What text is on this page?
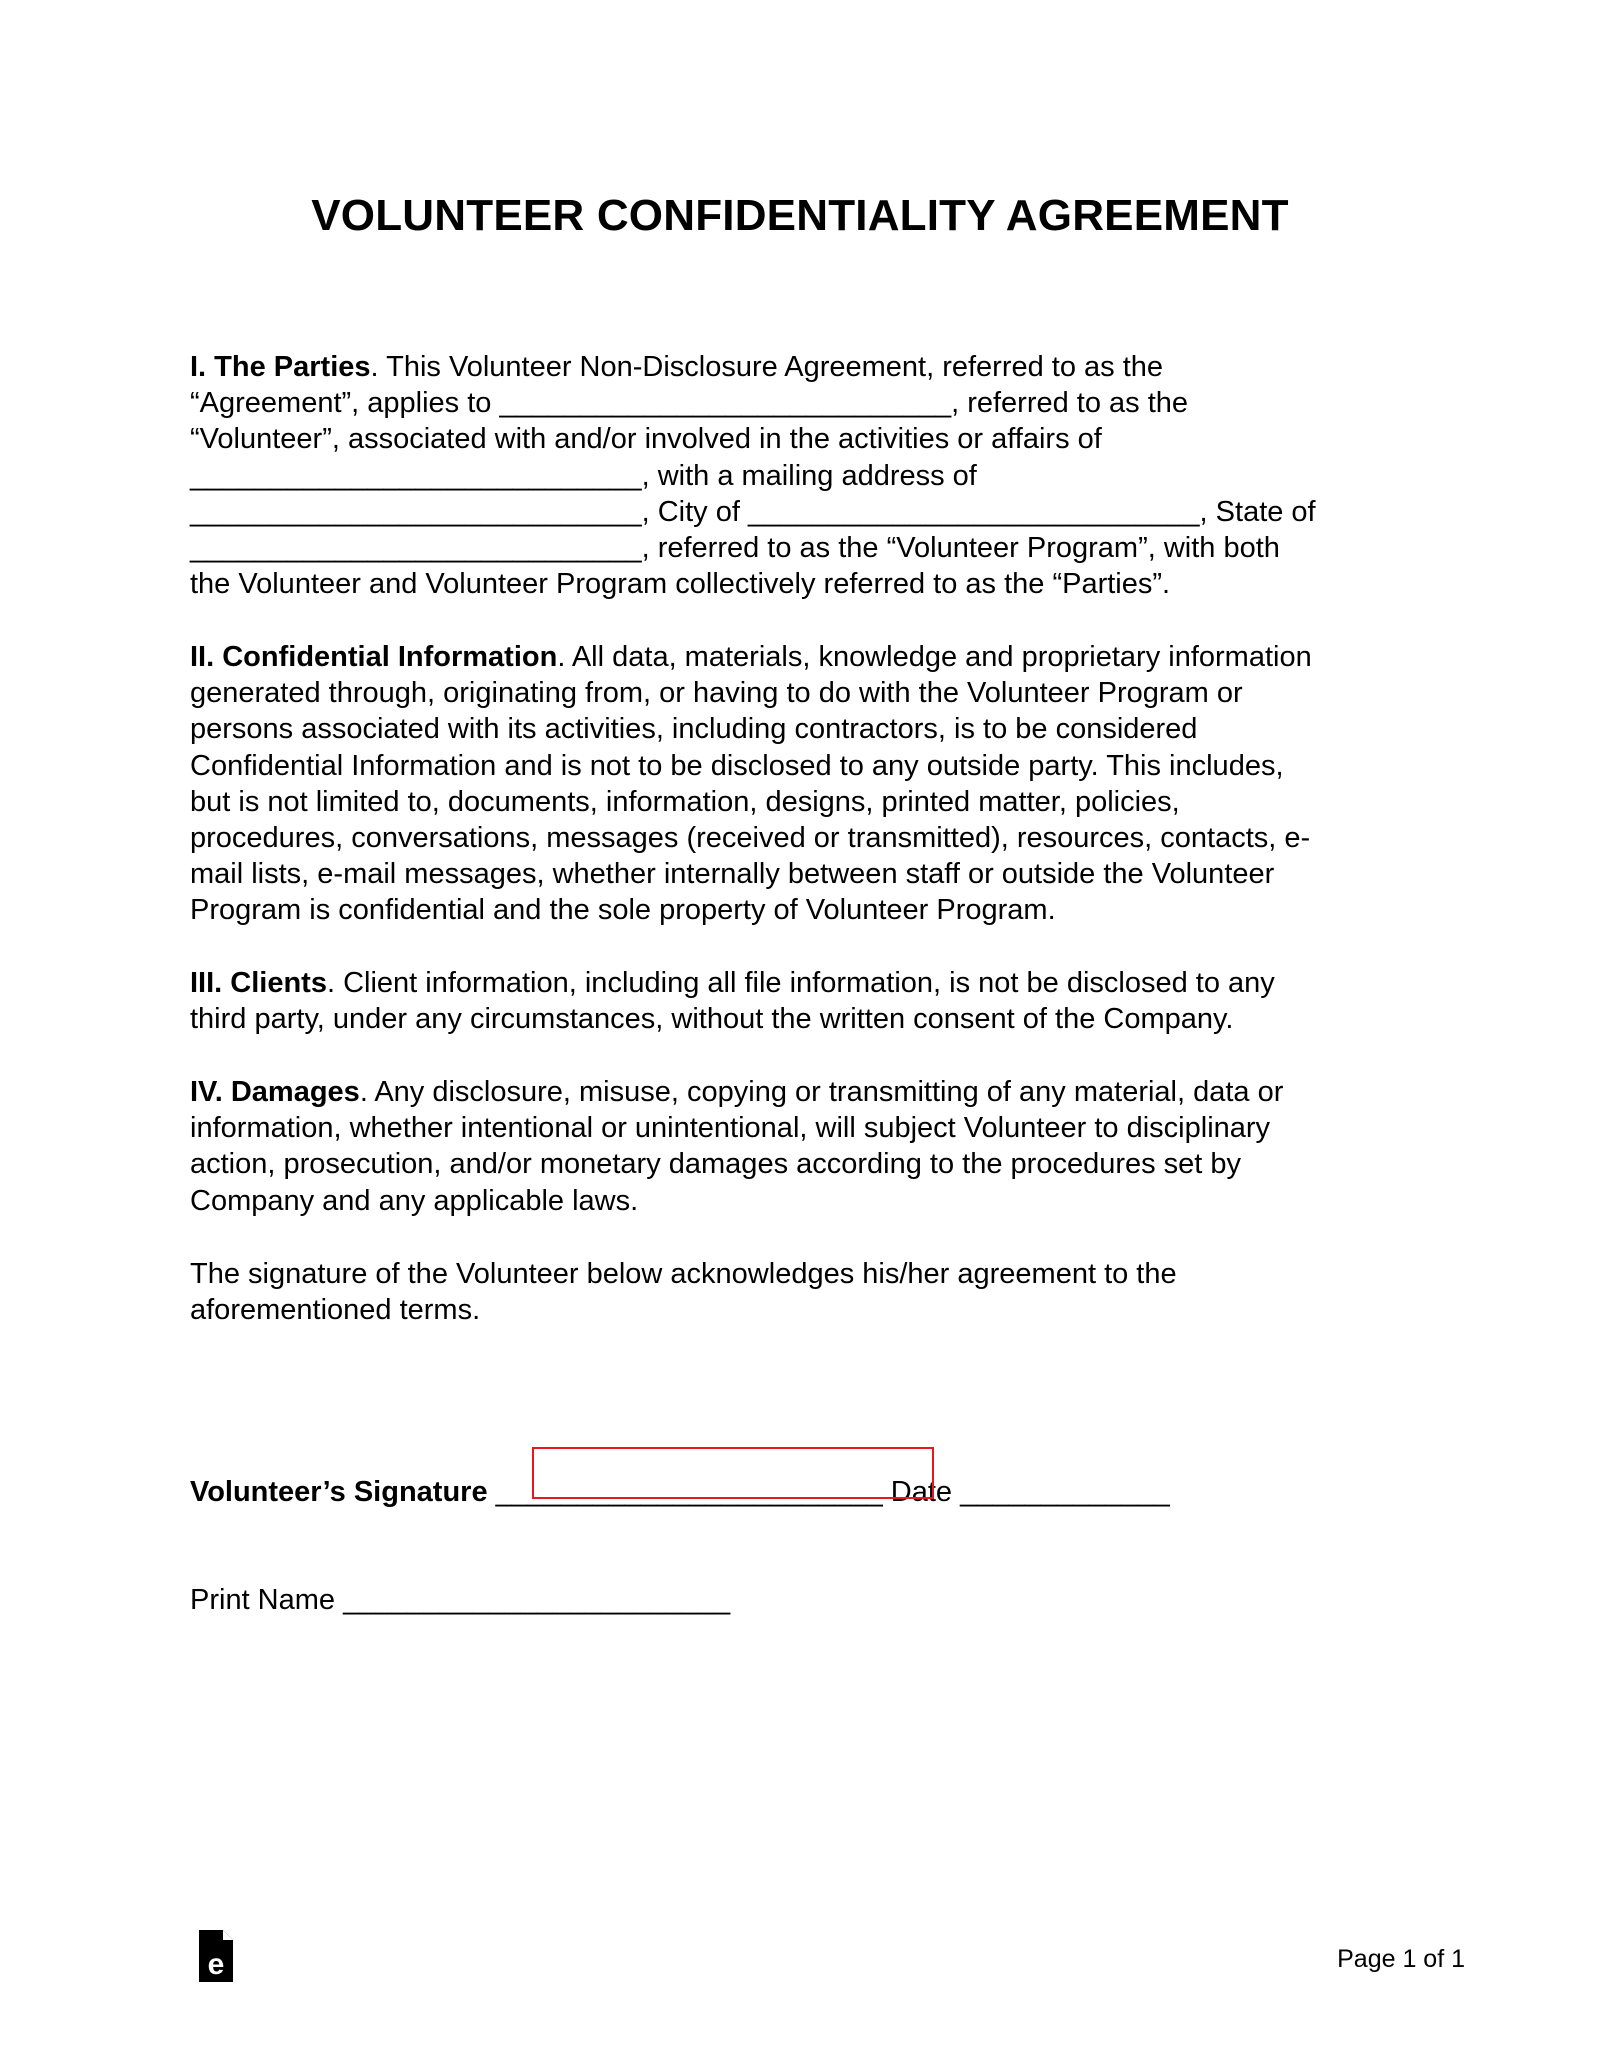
VOLUNTEER CONFIDENTIALITY AGREEMENT
I. The Parties. This Volunteer Non-Disclosure Agreement, referred to as the
“Agreement”, applies to ____________________________, referred to as the
“Volunteer”, associated with and/or involved in the activities or affairs of
____________________________, with a mailing address of
____________________________, City of ____________________________, State of
____________________________, referred to as the “Volunteer Program”, with both
the Volunteer and Volunteer Program collectively referred to as the “Parties”.
II. Confidential Information. All data, materials, knowledge and proprietary information
generated through, originating from, or having to do with the Volunteer Program or
persons associated with its activities, including contractors, is to be considered
Confidential Information and is not to be disclosed to any outside party. This includes,
but is not limited to, documents, information, designs, printed matter, policies,
procedures, conversations, messages (received or transmitted), resources, contacts, e-
mail lists, e-mail messages, whether internally between staff or outside the Volunteer
Program is confidential and the sole property of Volunteer Program.
III. Clients. Client information, including all file information, is not be disclosed to any
third party, under any circumstances, without the written consent of the Company.
IV. Damages. Any disclosure, misuse, copying or transmitting of any material, data or
information, whether intentional or unintentional, will subject Volunteer to disciplinary
action, prosecution, and/or monetary damages according to the procedures set by
Company and any applicable laws.
The signature of the Volunteer below acknowledges his/her agreement to the
aforementioned terms.
Volunteer’s Signature ________________________ Date _____________
Print Name ________________________
e	Page 1 of 1
